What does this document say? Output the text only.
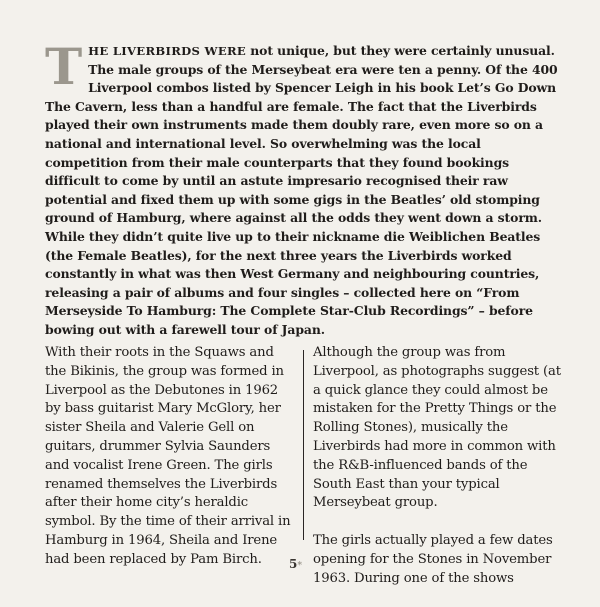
THE LIVERBIRDS WERE not unique, but they were certainly unusual. The male groups of the Merseybeat era were ten a penny. Of the 400 Liverpool combos listed by Spencer Leigh in his book Let’s Go Down The Cavern, less than a handful are female. The fact that the Liverbirds played their own instruments made them doubly rare, even more so on a national and international level. So overwhelming was the local competition from their male counterparts that they found bookings difficult to come by until an astute impresario recognised their raw potential and fixed them up with some gigs in the Beatles’ old stomping ground of Hamburg, where against all the odds they went down a storm. While they didn’t quite live up to their nickname die Weiblichen Beatles (the Female Beatles), for the next three years the Liverbirds worked constantly in what was then West Germany and neighbouring countries, releasing a pair of albums and four singles – collected here on “From Merseyside To Hamburg: The Complete Star-Club Recordings” – before bowing out with a farewell tour of Japan.

With their roots in the Squaws and the Bikinis, the group was formed in Liverpool as the Debutones in 1962 by bass guitarist Mary McGlory, her sister Sheila and Valerie Gell on guitars, drummer Sylvia Saunders and vocalist Irene Green. The girls renamed themselves the Liverbirds after their home city’s heraldic symbol. By the time of their arrival in Hamburg in 1964, Sheila and Irene had been replaced by Pam Birch.

Although the group was from Liverpool, as photographs suggest (at a quick glance they could almost be mistaken for the Pretty Things or the Rolling Stones), musically the Liverbirds had more in common with the R&B-influenced bands of the South East than your typical Merseybeat group.

The girls actually played a few dates opening for the Stones in November 1963. During one of the shows

5*
